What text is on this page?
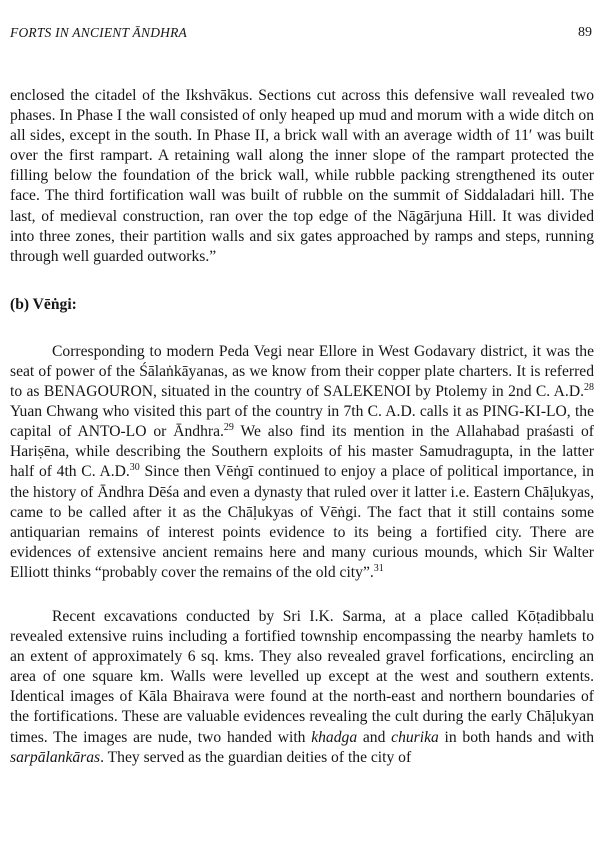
FORTS IN ANCIENT ĀNDHRA	89

enclosed the citadel of the Ikshvākus. Sections cut across this defensive wall revealed two phases. In Phase I the wall consisted of only heaped up mud and morum with a wide ditch on all sides, except in the south. In Phase II, a brick wall with an average width of 11′ was built over the first rampart. A retaining wall along the inner slope of the rampart protected the filling below the foundation of the brick wall, while rubble packing strengthened its outer face. The third fortification wall was built of rubble on the summit of Siddaladari hill. The last, of medieval construction, ran over the top edge of the Nāgārjuna Hill. It was divided into three zones, their partition walls and six gates approached by ramps and steps, running through well guarded outworks.”

(b) Vēṅgi:

Corresponding to modern Peda Vegi near Ellore in West Godavary district, it was the seat of power of the Śālaṅkāyanas, as we know from their copper plate charters. It is referred to as BENAGOURON, situated in the country of SALEKENOI by Ptolemy in 2nd C. A.D.$^{28}$ Yuan Chwang who visited this part of the country in 7th C. A.D. calls it as PING-KI-LO, the capital of ANTO-LO or Āndhra.$^{29}$ We also find its mention in the Allahabad praśasti of Hariṣēna, while describing the Southern exploits of his master Samudragupta, in the latter half of 4th C. A.D.$^{30}$ Since then Vēṅgī continued to enjoy a place of political importance, in the history of Āndhra Dēśa and even a dynasty that ruled over it latter i.e. Eastern Chāḷukyas, came to be called after it as the Chāḷukyas of Vēṅgi. The fact that it still contains some antiquarian remains of interest points evidence to its being a fortified city. There are evidences of extensive ancient remains here and many curious mounds, which Sir Walter Elliott thinks “probably cover the remains of the old city”.$^{31}$

Recent excavations conducted by Sri I.K. Sarma, at a place called Kōṭadibbalu revealed extensive ruins including a fortified township encompassing the nearby hamlets to an extent of approximately 6 sq. kms. They also revealed gravel forfications, encircling an area of one square km. Walls were levelled up except at the west and southern extents. Identical images of Kāla Bhairava were found at the north-east and northern boundaries of the fortifications. These are valuable evidences revealing the cult during the early Chāḷukyan times. The images are nude, two handed with khadga and churika in both hands and with sarpālankāras. They served as the guardian deities of the city of
